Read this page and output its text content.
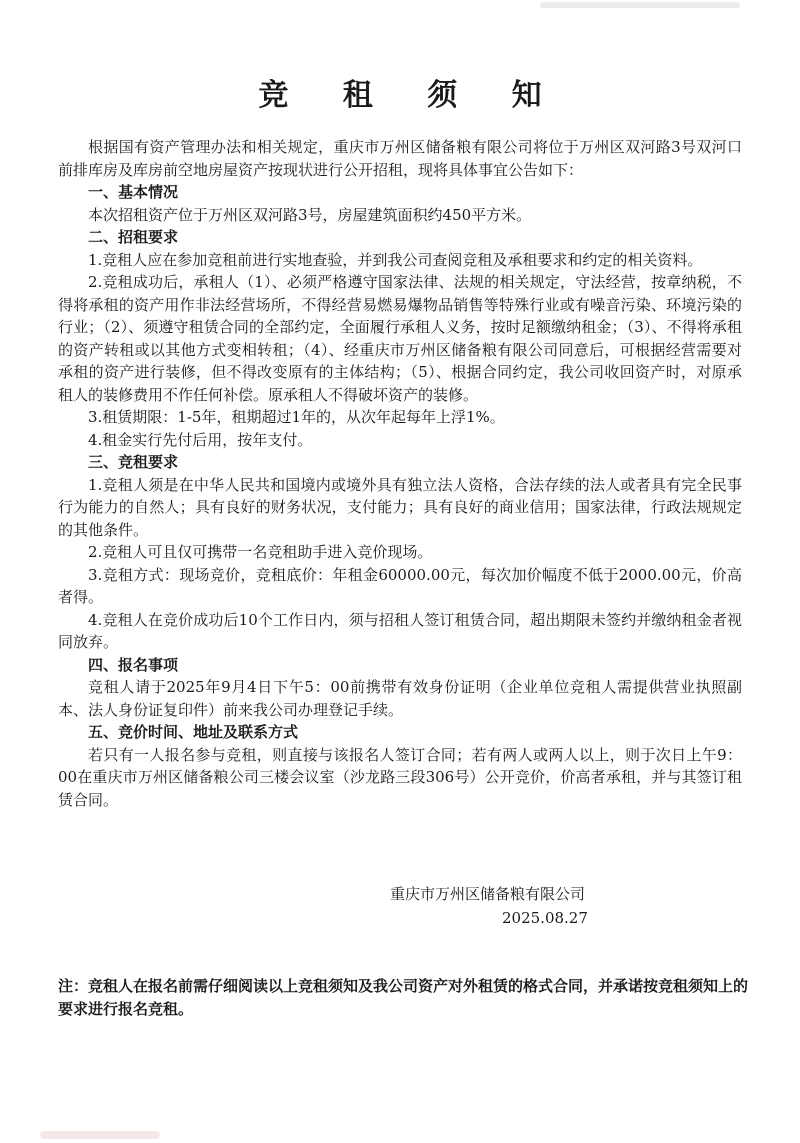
竞 租 须 知

根据国有资产管理办法和相关规定，重庆市万州区储备粮有限公司将位于万州区双河路3号双河口前排库房及库房前空地房屋资产按现状进行公开招租，现将具体事宜公告如下：

一、基本情况

本次招租资产位于万州区双河路3号，房屋建筑面积约450平方米。

二、招租要求

1.竞租人应在参加竞租前进行实地查验，并到我公司查阅竞租及承租要求和约定的相关资料。

2.竞租成功后，承租人（1）、必须严格遵守国家法律、法规的相关规定，守法经营，按章纳税，不得将承租的资产用作非法经营场所，不得经营易燃易爆物品销售等特殊行业或有噪音污染、环境污染的行业；（2）、须遵守租赁合同的全部约定，全面履行承租人义务，按时足额缴纳租金；（3）、不得将承租的资产转租或以其他方式变相转租；（4）、经重庆市万州区储备粮有限公司同意后，可根据经营需要对承租的资产进行装修，但不得改变原有的主体结构；（5）、根据合同约定，我公司收回资产时，对原承租人的装修费用不作任何补偿。原承租人不得破坏资产的装修。

3.租赁期限：1-5年，租期超过1年的，从次年起每年上浮1%。

4.租金实行先付后用，按年支付。

三、竞租要求

1.竞租人须是在中华人民共和国境内或境外具有独立法人资格，合法存续的法人或者具有完全民事行为能力的自然人；具有良好的财务状况，支付能力；具有良好的商业信用；国家法律，行政法规规定的其他条件。

2.竞租人可且仅可携带一名竞租助手进入竞价现场。

3.竞租方式：现场竞价，竞租底价：年租金60000.00元，每次加价幅度不低于2000.00元，价高者得。

4.竞租人在竞价成功后10个工作日内，须与招租人签订租赁合同，超出期限未签约并缴纳租金者视同放弃。

四、报名事项

竞租人请于2025年9月4日下午5：00前携带有效身份证明（企业单位竞租人需提供营业执照副本、法人身份证复印件）前来我公司办理登记手续。

五、竞价时间、地址及联系方式

若只有一人报名参与竞租，则直接与该报名人签订合同；若有两人或两人以上，则于次日上午9：00在重庆市万州区储备粮公司三楼会议室（沙龙路三段306号）公开竞价，价高者承租，并与其签订租赁合同。

重庆市万州区储备粮有限公司
2025.08.27

注：竞租人在报名前需仔细阅读以上竞租须知及我公司资产对外租赁的格式合同，并承诺按竞租须知上的要求进行报名竞租。
